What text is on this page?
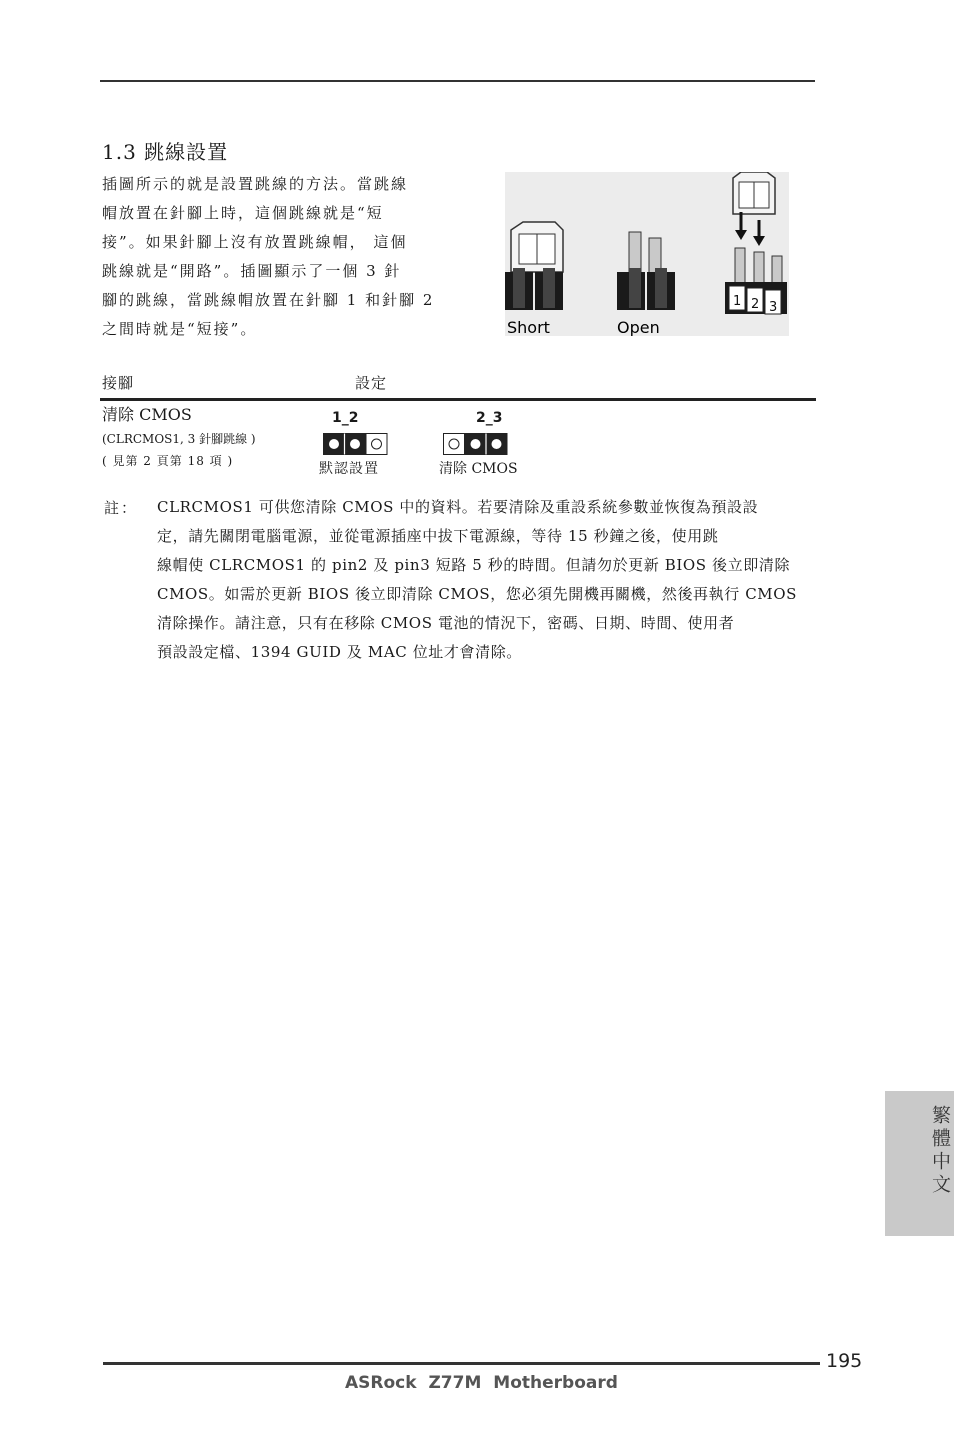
1.3 跳線設置

插圖所示的就是設置跳線的方法。當跳線

帽放置在針腳上時，這個跳線就是“短

接”。如果針腳上沒有放置跳線帽， 這個

跳線就是“開路”。插圖顯示了一個 3 針

腳的跳線，當跳線帽放置在針腳 1 和針腳 2

之間時就是“短接”。	Short	Open
1 2 3
接腳	設定
清除 CMOS
(CLRCMOS1, 3 針腳跳線 )
( 見第 2 頁第 18 項 )
1_2	2_3
默認設置	清除 CMOS
註： CLRCMOS1 可供您清除 CMOS 中的資料。若要清除及重設系統參數並恢復為預設設

定，請先關閉電腦電源，並從電源插座中拔下電源線，等待 15 秒鐘之後，使用跳

線帽使 CLRCMOS1 的 pin2 及 pin3 短路 5 秒的時間。但請勿於更新 BIOS 後立即清除

CMOS。如需於更新 BIOS 後立即清除 CMOS，您必須先開機再關機，然後再執行 CMOS

清除操作。請注意，只有在移除 CMOS 電池的情況下，密碼、日期、時間、使用者

預設設定檔、1394 GUID 及 MAC 位址才會清除。

繁體中文
195
ASRock Z77M Motherboard
